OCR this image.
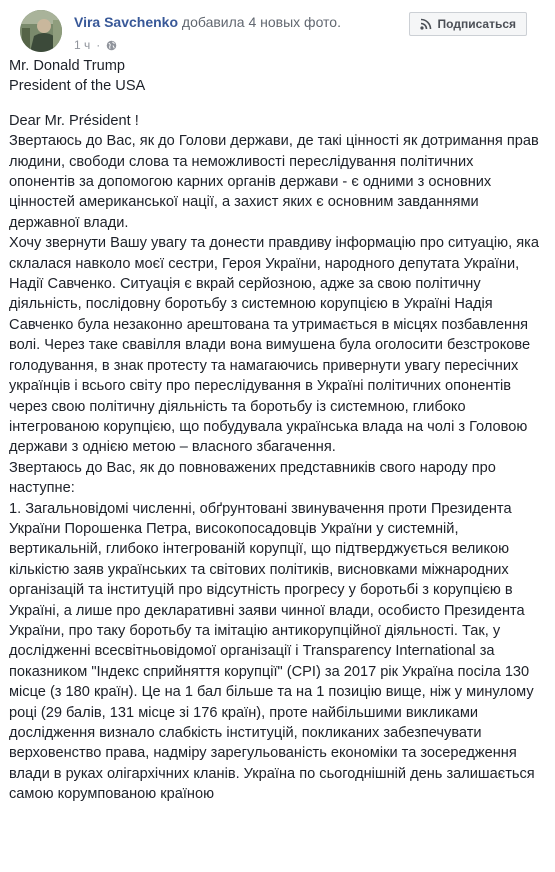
Vira Savchenko добавила 4 новых фото.
1 ч ·
Подписаться

Mr. Donald Trump

President of the USA

Dear Mr. Président !

Звертаюсь до Вас, як до Голови держави, де такі цінності як дотримання прав людини, свободи слова та неможливості переслідування політичних опонентів за допомогою карних органів держави - є одними з основних цінностей американської нації, а захист яких є основним завданнями державної влади.

Хочу звернути Вашу увагу та донести правдиву інформацію про ситуацію, яка склалася навколо моєї сестри, Героя України, народного депутата України, Надії Савченко. Ситуація є вкрай серйозною, адже за свою політичну діяльність, послідовну боротьбу з системною корупцією в Україні Надія Савченко була незаконно арештована та утримається в місцях позбавлення волі. Через таке свавілля влади вона вимушена була оголосити безстрокове голодування, в знак протесту та намагаючись привернути увагу пересічних українців і всього світу про переслідування в Україні політичних опонентів через свою політичну діяльність та боротьбу із системною, глибоко інтегрованою корупцією, що побудувала українська влада на чолі з Головою держави з однією метою – власного збагачення.

Звертаюсь до Вас, як до повноважених представників свого народу про наступне:

1. Загальновідомі численні, обґрунтовані звинувачення проти Президента України Порошенка Петра, високопосадовців України у системній, вертикальній, глибоко інтегрованій корупції, що підтверджується великою кількістю заяв українських та світових політиків, висновками міжнародних організацій та інституцій про відсутність прогресу у боротьбі з корупцією в Україні, а лише про декларативні заяви чинної влади, особисто Президента України, про таку боротьбу та імітацію антикорупційної діяльності. Так, у дослідженні всесвітньовідомої організації і Transparency International за показником "Індекс сприйняття корупції" (CPI) за 2017 рік Україна посіла 130 місце (з 180 країн). Це на 1 бал більше та на 1 позицію вище, ніж у минулому році (29 балів, 131 місце зі 176 країн), проте найбільшими викликами дослідження визнало слабкість інституцій, покликаних забезпечувати верховенство права, надміру зарегульованість економіки та зосередження влади в руках олігархічних кланів. Україна по сьогоднішній день залишається самою корумпованою країною
